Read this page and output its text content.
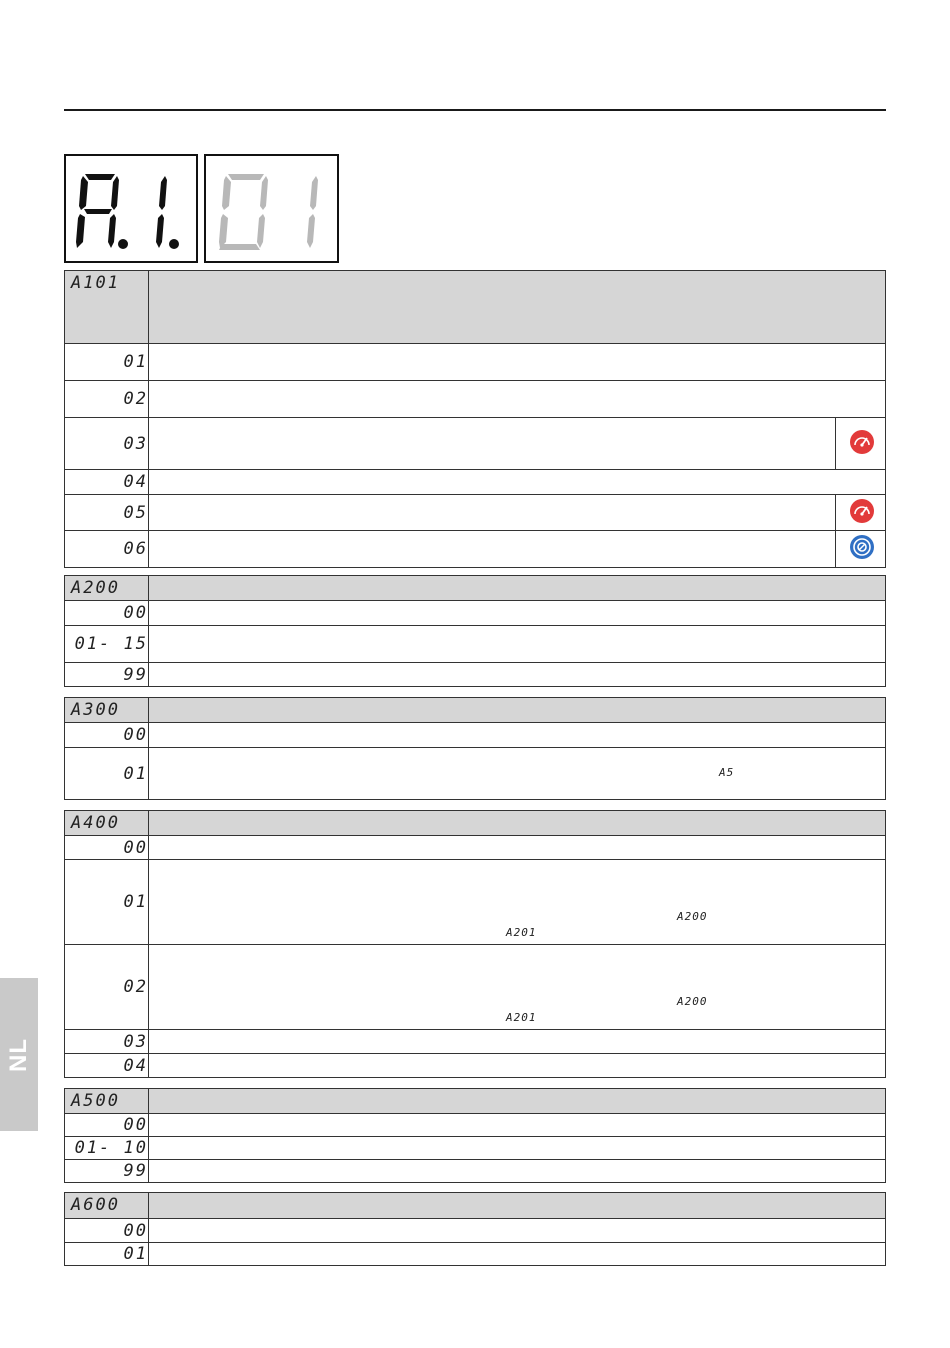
A101		
01		
02		
03		
04		
05		
06		
A200	
00	
01- 15	
99	
A300	
00	
01	A5
A400	
00	
01	A200
A201

02	A200
A201

03	
04	
A500	
00	
01- 10	
99	
A600	
00	
01	
NL
